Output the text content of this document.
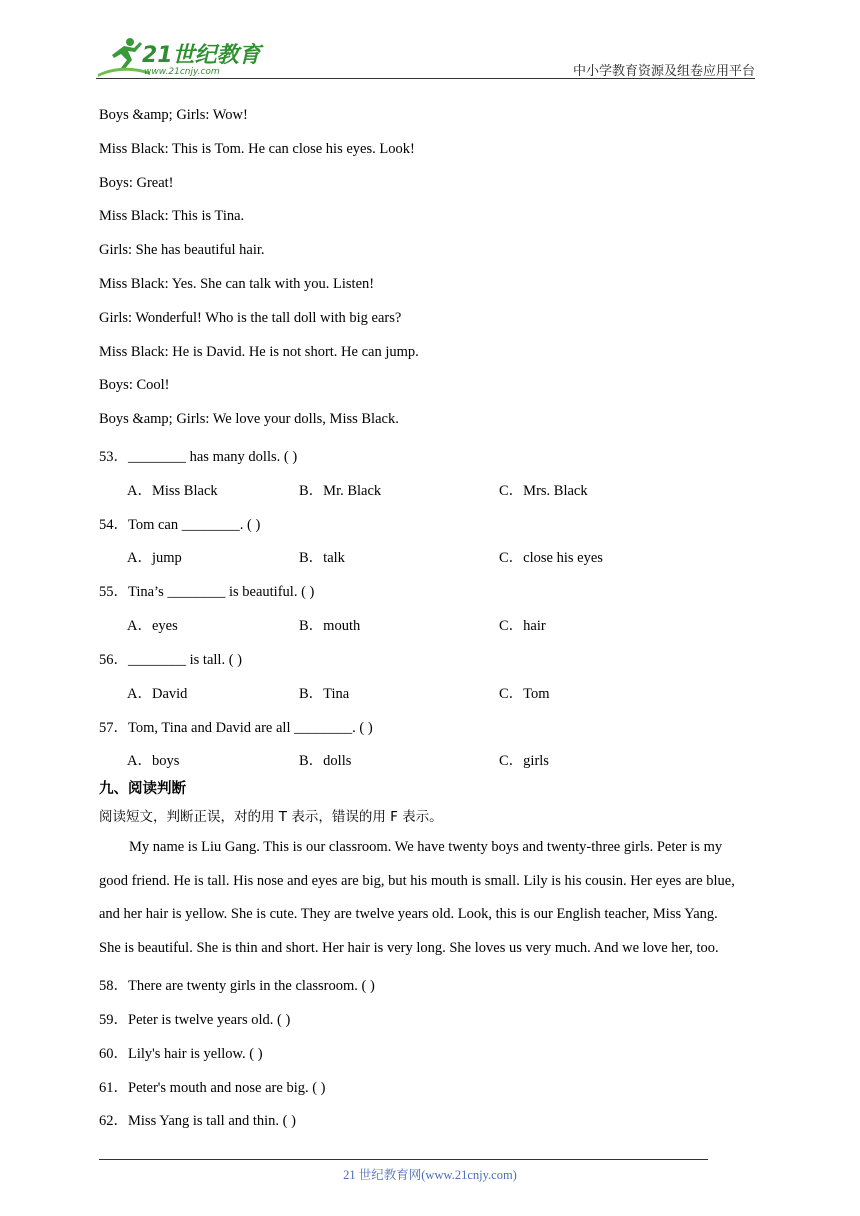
21世纪教育
www.21cnjy.com	中小学教育资源及组卷应用平台
Boys &amp; Girls: Wow!
Miss Black: This is Tom. He can close his eyes. Look!
Boys: Great!
Miss Black: This is Tina.
Girls: She has beautiful hair.
Miss Black: Yes. She can talk with you. Listen!
Girls: Wonderful! Who is the tall doll with big ears?
Miss Black: He is David. He is not short. He can jump.
Boys: Cool!
Boys &amp; Girls: We love your dolls, Miss Black.
53．________ has many dolls. ( )
A．Miss Black	B．Mr. Black	C．Mrs. Black
54．Tom can ________. ( )
A．jump	B．talk	C．close his eyes
55．Tina’s ________ is beautiful. ( )
A．eyes	B．mouth	C．hair
56．________ is tall. ( )
A．David	B．Tina	C．Tom
57．Tom, Tina and David are all ________. ( )
A．boys	B．dolls	C．girls
九、阅读判断
阅读短文，判断正误，对的用 T 表示，错误的用 F 表示。
My name is Liu Gang. This is our classroom. We have twenty boys and twenty-three girls. Peter is my
good friend. He is tall. His nose and eyes are big, but his mouth is small. Lily is his cousin. Her eyes are blue,
and her hair is yellow. She is cute. They are twelve years old. Look, this is our English teacher, Miss Yang.
She is beautiful. She is thin and short. Her hair is very long. She loves us very much. And we love her, too.
58．There are twenty girls in the classroom. ( )
59．Peter is twelve years old. ( )
60．Lily's hair is yellow. ( )
61．Peter's mouth and nose are big. ( )
62．Miss Yang is tall and thin. ( )
21 世纪教育网(www.21cnjy.com)
